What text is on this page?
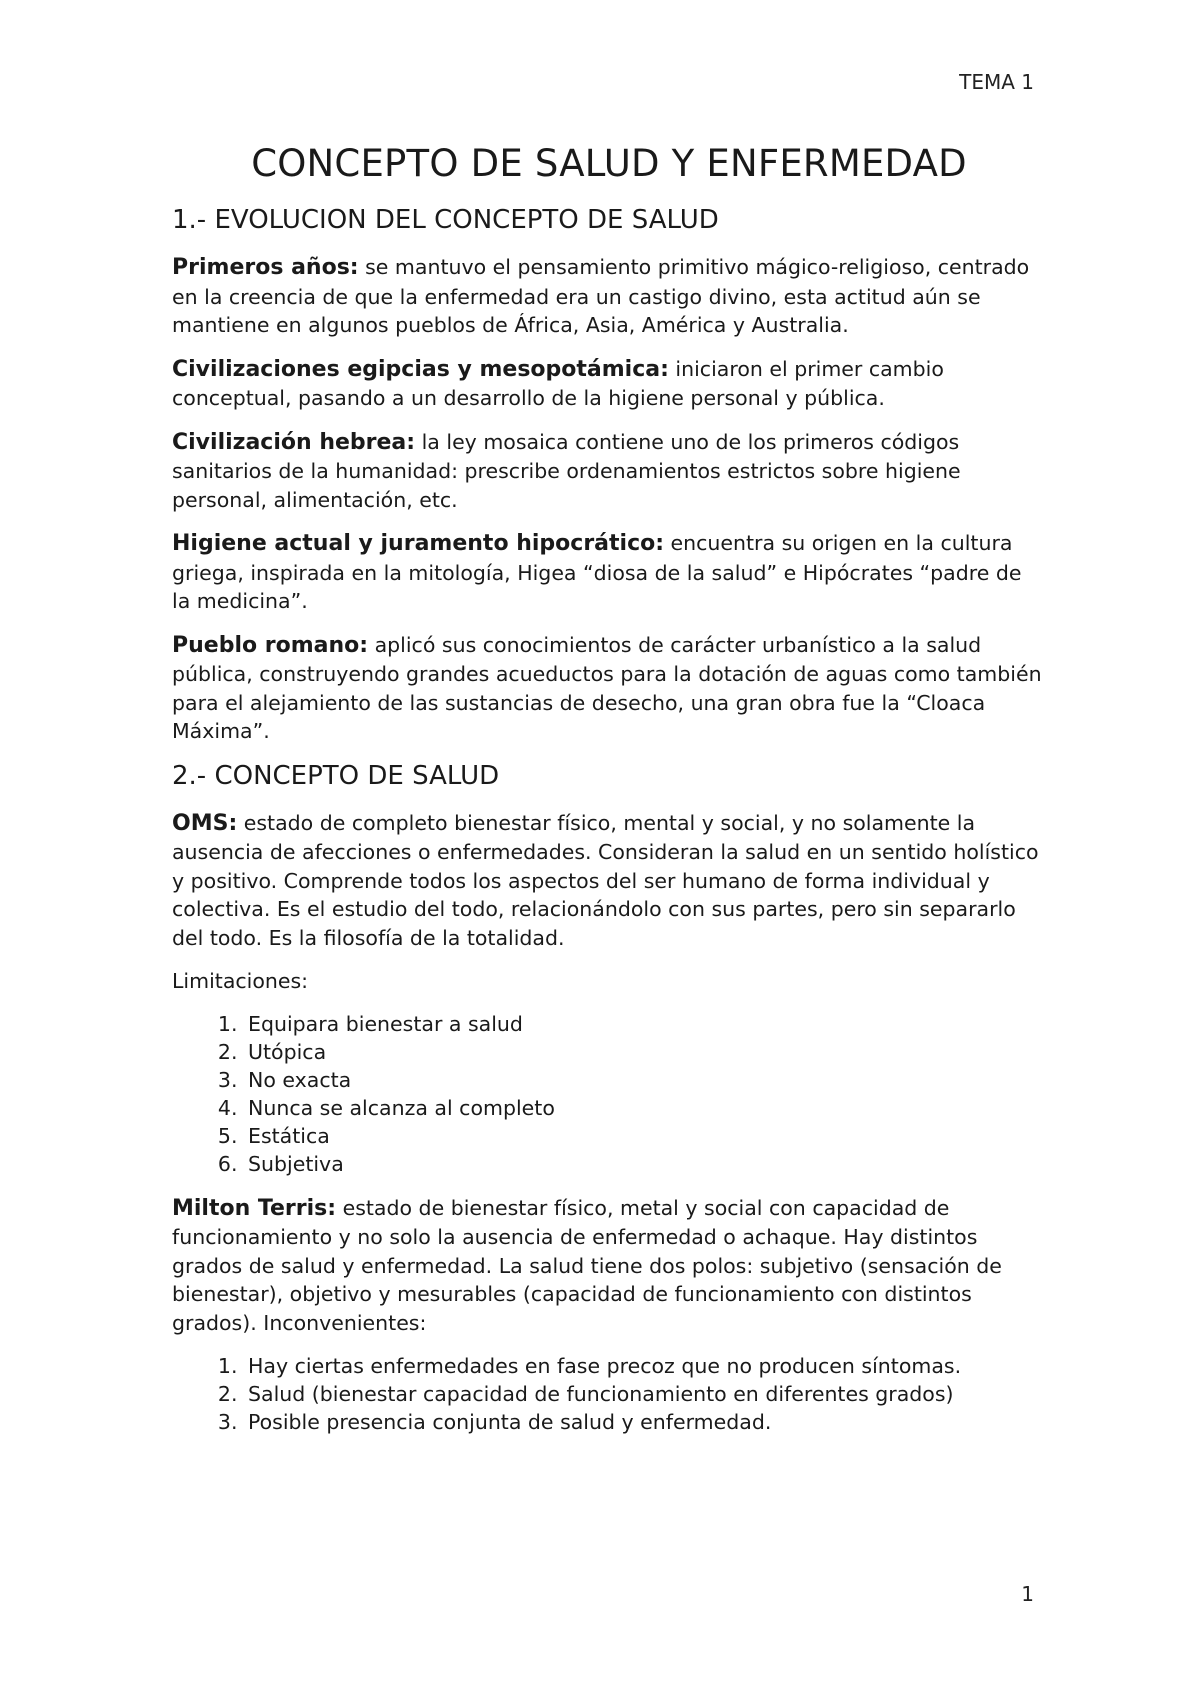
TEMA 1
CONCEPTO DE SALUD Y ENFERMEDAD
1.- EVOLUCION DEL CONCEPTO DE SALUD

Primeros años: se mantuvo el pensamiento primitivo mágico-religioso, centrado en la creencia de que la enfermedad era un castigo divino, esta actitud aún se mantiene en algunos pueblos de África, Asia, América y Australia.

Civilizaciones egipcias y mesopotámica: iniciaron el primer cambio conceptual, pasando a un desarrollo de la higiene personal y pública.

Civilización hebrea: la ley mosaica contiene uno de los primeros códigos sanitarios de la humanidad: prescribe ordenamientos estrictos sobre higiene personal, alimentación, etc.

Higiene actual y juramento hipocrático: encuentra su origen en la cultura griega, inspirada en la mitología, Higea “diosa de la salud” e Hipócrates “padre de la medicina”.

Pueblo romano: aplicó sus conocimientos de carácter urbanístico a la salud pública, construyendo grandes acueductos para la dotación de aguas como también para el alejamiento de las sustancias de desecho, una gran obra fue la “Cloaca Máxima”.

2.- CONCEPTO DE SALUD

OMS: estado de completo bienestar físico, mental y social, y no solamente la ausencia de afecciones o enfermedades. Consideran la salud en un sentido holístico y positivo. Comprende todos los aspectos del ser humano de forma individual y colectiva. Es el estudio del todo, relacionándolo con sus partes, pero sin separarlo del todo. Es la filosofía de la totalidad.

Limitaciones:

1. Equipara bienestar a salud
2. Utópica
3. No exacta
4. Nunca se alcanza al completo
5. Estática
6. Subjetiva

Milton Terris: estado de bienestar físico, metal y social con capacidad de funcionamiento y no solo la ausencia de enfermedad o achaque. Hay distintos grados de salud y enfermedad. La salud tiene dos polos: subjetivo (sensación de bienestar), objetivo y mesurables (capacidad de funcionamiento con distintos grados). Inconvenientes:

1. Hay ciertas enfermedades en fase precoz que no producen síntomas.
2. Salud (bienestar capacidad de funcionamiento en diferentes grados)
3. Posible presencia conjunta de salud y enfermedad.
1
